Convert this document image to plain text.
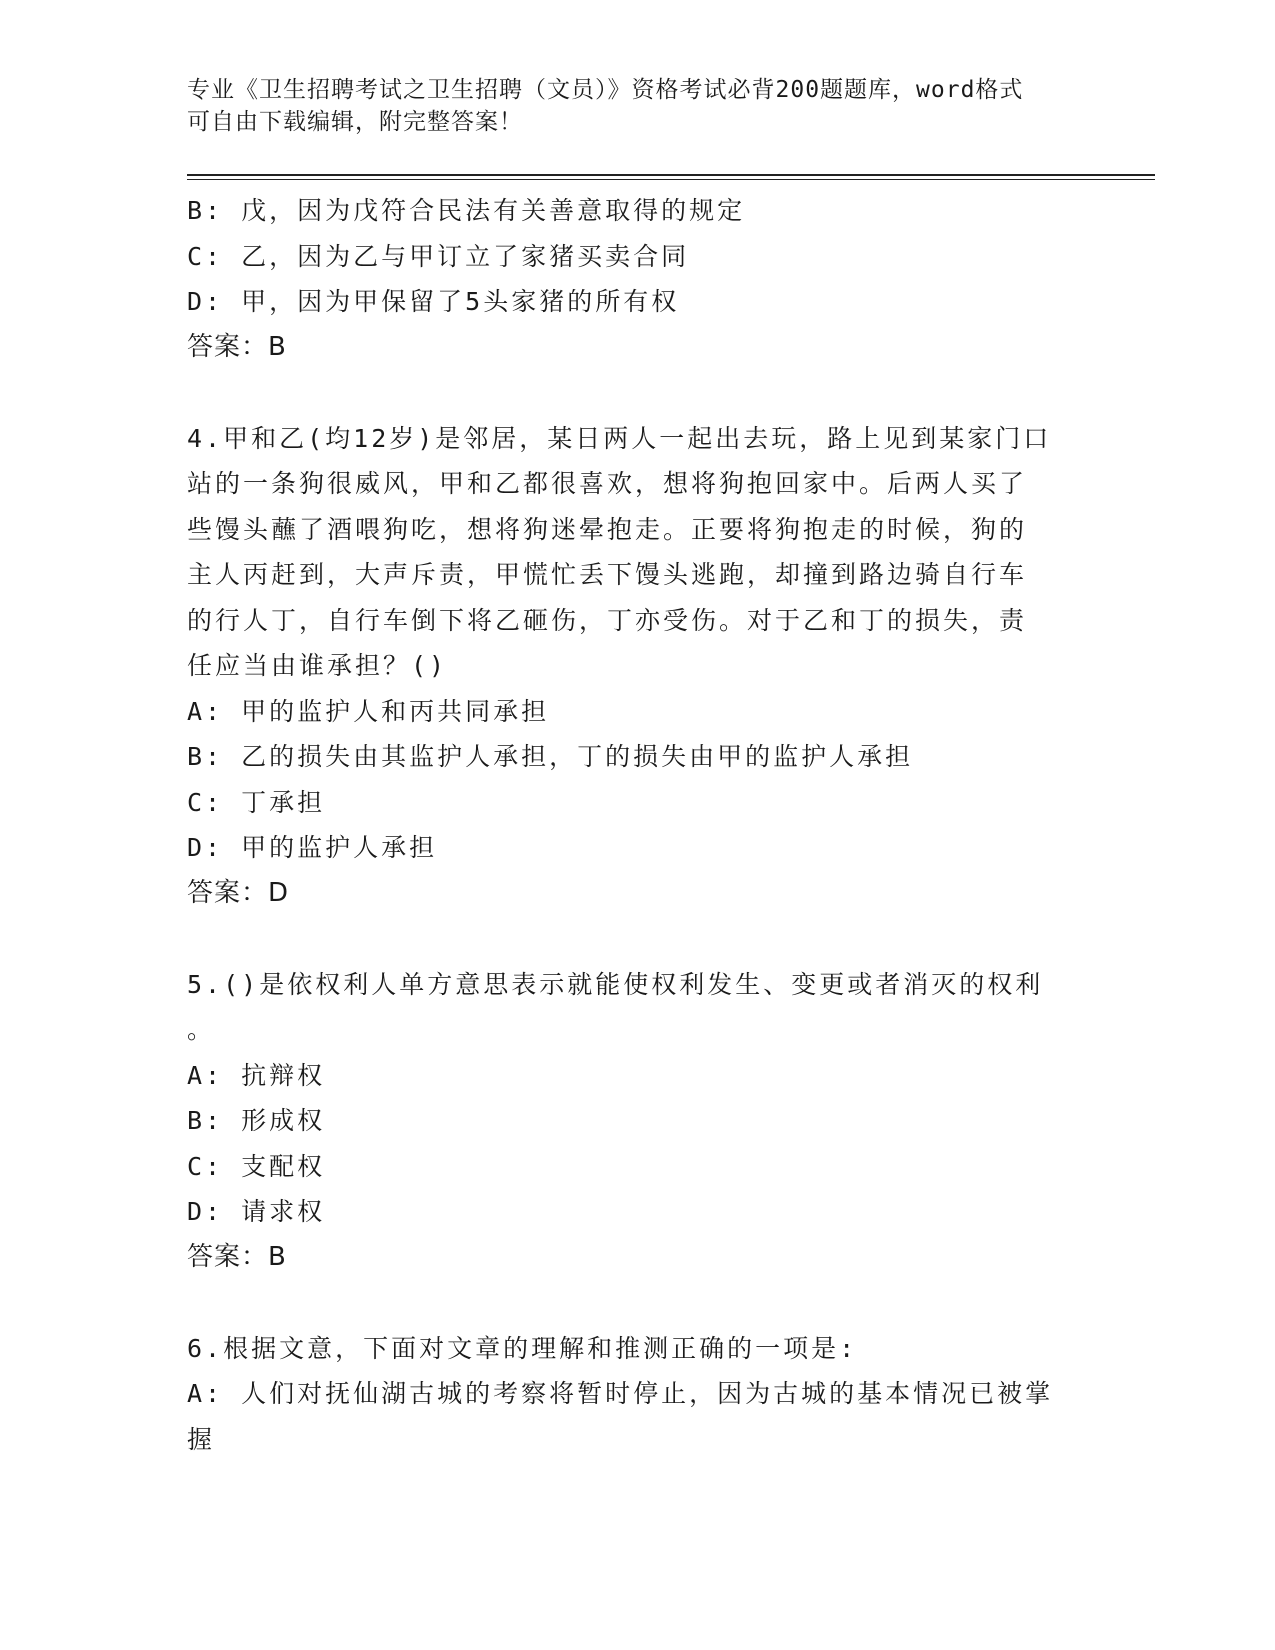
专业《卫生招聘考试之卫生招聘（文员）》资格考试必背200题题库，word格式
可自由下载编辑，附完整答案！
B: 戊，因为戊符合民法有关善意取得的规定
C: 乙，因为乙与甲订立了家猪买卖合同
D: 甲，因为甲保留了5头家猪的所有权
答案：B
4.甲和乙(均12岁)是邻居，某日两人一起出去玩，路上见到某家门口
站的一条狗很威风，甲和乙都很喜欢，想将狗抱回家中。后两人买了
些馒头蘸了酒喂狗吃，想将狗迷晕抱走。正要将狗抱走的时候，狗的
主人丙赶到，大声斥责，甲慌忙丢下馒头逃跑，却撞到路边骑自行车
的行人丁，自行车倒下将乙砸伤，丁亦受伤。对于乙和丁的损失，责
任应当由谁承担？()
A: 甲的监护人和丙共同承担
B: 乙的损失由其监护人承担，丁的损失由甲的监护人承担
C: 丁承担
D: 甲的监护人承担
答案：D
5.()是依权利人单方意思表示就能使权利发生、变更或者消灭的权利
。
A: 抗辩权
B: 形成权
C: 支配权
D: 请求权
答案：B
6.根据文意，下面对文章的理解和推测正确的一项是:
A: 人们对抚仙湖古城的考察将暂时停止，因为古城的基本情况已被掌
握
